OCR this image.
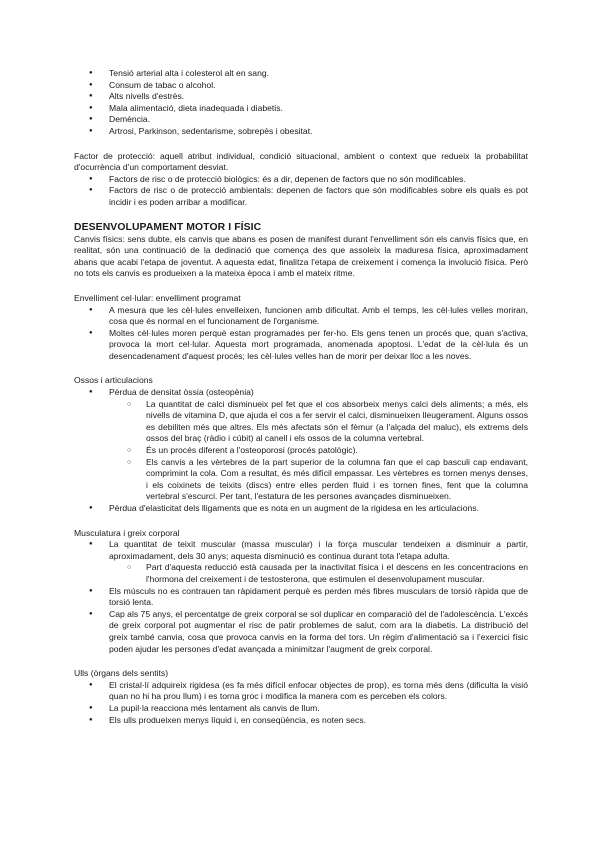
● Tensió arterial alta i colesterol alt en sang.
● Consum de tabac o alcohol.
● Alts nivells d'estrès.
● Mala alimentació, dieta inadequada i diabetis.
● Demència.
● Artrosi, Parkinson, sedentarisme, sobrepès i obesitat.

Factor de protecció: aquell atribut individual, condició situacional, ambient o context que redueix la probabilitat d'ocurrència d'un comportament desviat.

● Factors de risc o de protecció biològics: és a dir, depenen de factors que no són modificables.
● Factors de risc o de protecció ambientals: depenen de factors que són modificables sobre els quals es pot incidir i es poden arribar a modificar.
DESENVOLUPAMENT MOTOR I FÍSIC

Canvis físics: sens dubte, els canvis que abans es posen de manifest durant l'envelliment són els canvis físics que, en realitat, són una continuació de la dedinació que comença des que assoleix la maduresa física, aproximadament abans que acabi l'etapa de joventut. A aquesta edat, finalitza l'etapa de creixement i comença la involució física. Però no tots els canvis es produeixen a la mateixa època i amb el mateix ritme.

Envelliment cel·lular: envelliment programat

● A mesura que les cèl·lules envelleixen, funcionen amb dificultat. Amb el temps, les cèl·lules velles moriran, cosa que és normal en el funcionament de l'organisme.
● Moltes cèl·lules moren perquè estan programades per fer-ho. Els gens tenen un procés que, quan s'activa, provoca la mort cel·lular. Aquesta mort programada, anomenada apoptosi. L'edat de la cèl·lula és un desencadenament d'aquest procés; les cèl·lules velles han de morir per deixar lloc a les noves.

Ossos i articulacions

● Pèrdua de densitat òssia (osteopènia)
○ La quantitat de calci disminueix pel fet que el cos absorbeix menys calci dels aliments; a més, els nivells de vitamina D, que ajuda el cos a fer servir el calci, disminueixen lleugerament. Alguns ossos es debiliten més que altres. Els més afectats són el fèmur (a l'alçada del maluc), els extrems dels ossos del braç (ràdio i cúbit) al canell i els ossos de la columna vertebral.
○ És un procés diferent a l'osteoporosi (procés patològic).
○ Els canvis a les vèrtebres de la part superior de la columna fan que el cap basculi cap endavant, comprimint la cola. Com a resultat, és més difícil empassar. Les vèrtebres es tornen menys denses, i els coixinets de teixits (discs) entre elles perden fluid i es tornen fines, fent que la columna vertebral s'escurci. Per tant, l'estatura de les persones avançades disminueixen.
● Pèrdua d'elasticitat dels lligaments que es nota en un augment de la rigidesa en les articulacions.

Musculatura i greix corporal

● La quantitat de teixit muscular (massa muscular) i la força muscular tendeixen a disminuir a partir, aproximadament, dels 30 anys; aquesta disminució es continua durant tota l'etapa adulta.
○ Part d'aquesta reducció està causada per la inactivitat física i el descens en les concentracions en l'hormona del creixement i de testosterona, que estimulen el desenvolupament muscular.
● Els músculs no es contrauen tan ràpidament perquè es perden més fibres musculars de torsió ràpida que de torsió lenta.
● Cap als 75 anys, el percentatge de greix corporal se sol duplicar en comparació del de l'adolescència. L'excés de greix corporal pot augmentar el risc de patir problemes de salut, com ara la diabetis. La distribució del greix també canvia, cosa que provoca canvis en la forma del tors. Un règim d'alimentació sa i l'exercici físic poden ajudar les persones d'edat avançada a minimitzar l'augment de greix corporal.

Ulls (òrgans dels sentits)

● El cristal·lí adquireix rigidesa (es fa més difícil enfocar objectes de prop), es torna més dens (dificulta la visió quan no hi ha prou llum) i es torna groc i modifica la manera com es perceben els colors.
● La pupil·la reacciona més lentament als canvis de llum.
● Els ulls produeixen menys líquid i, en conseqüència, es noten secs.
